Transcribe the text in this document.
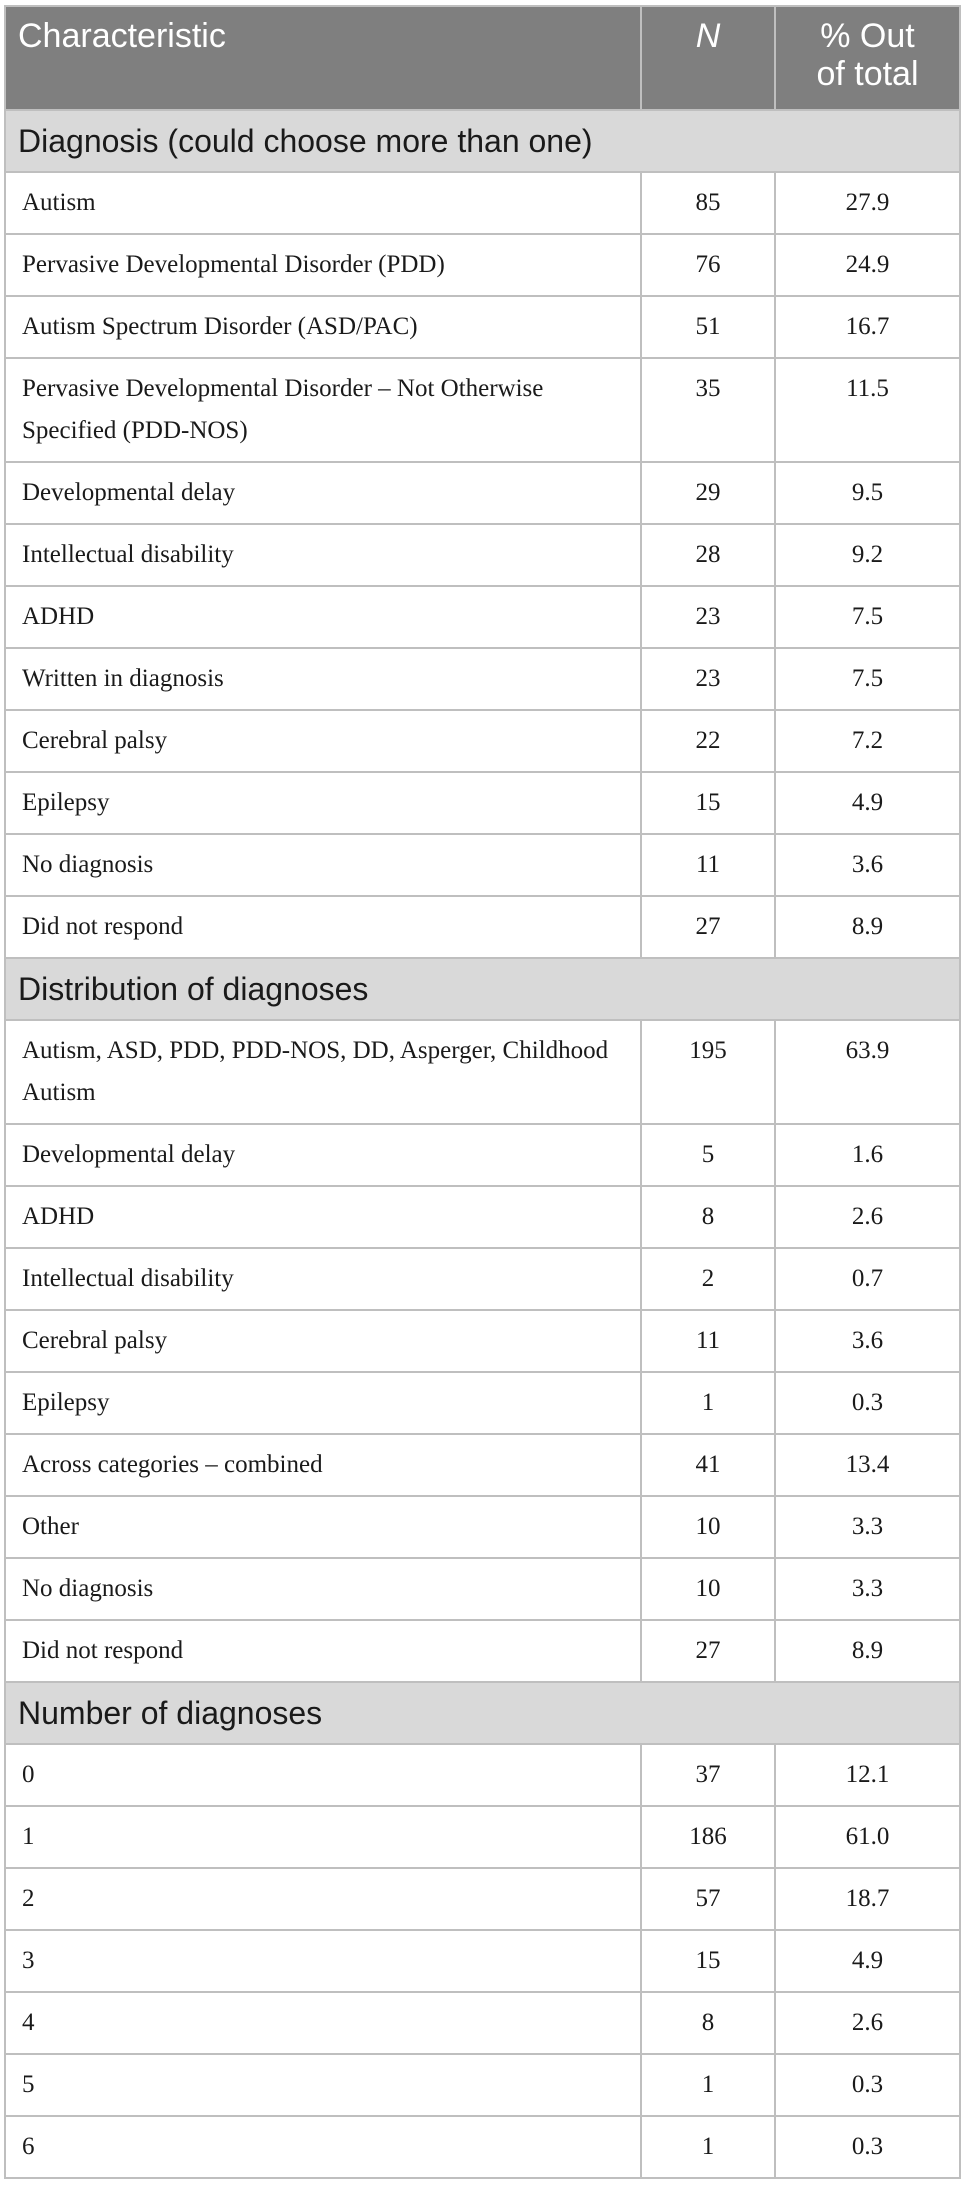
Characteristic	N	% Out
of total
Diagnosis (could choose more than one)		
Autism	85	27.9
Pervasive Developmental Disorder (PDD)	76	24.9
Autism Spectrum Disorder (ASD/PAC)	51	16.7
Pervasive Developmental Disorder – Not Otherwise Specified (PDD-NOS)	35	11.5
Developmental delay	29	9.5
Intellectual disability	28	9.2
ADHD	23	7.5
Written in diagnosis	23	7.5
Cerebral palsy	22	7.2
Epilepsy	15	4.9
No diagnosis	11	3.6
Did not respond	27	8.9
Distribution of diagnoses		
Autism, ASD, PDD, PDD-NOS, DD, Asperger, Childhood Autism	195	63.9
Developmental delay	5	1.6
ADHD	8	2.6
Intellectual disability	2	0.7
Cerebral palsy	11	3.6
Epilepsy	1	0.3
Across categories – combined	41	13.4
Other	10	3.3
No diagnosis	10	3.3
Did not respond	27	8.9
Number of diagnoses		
0	37	12.1
1	186	61.0
2	57	18.7
3	15	4.9
4	8	2.6
5	1	0.3
6	1	0.3
